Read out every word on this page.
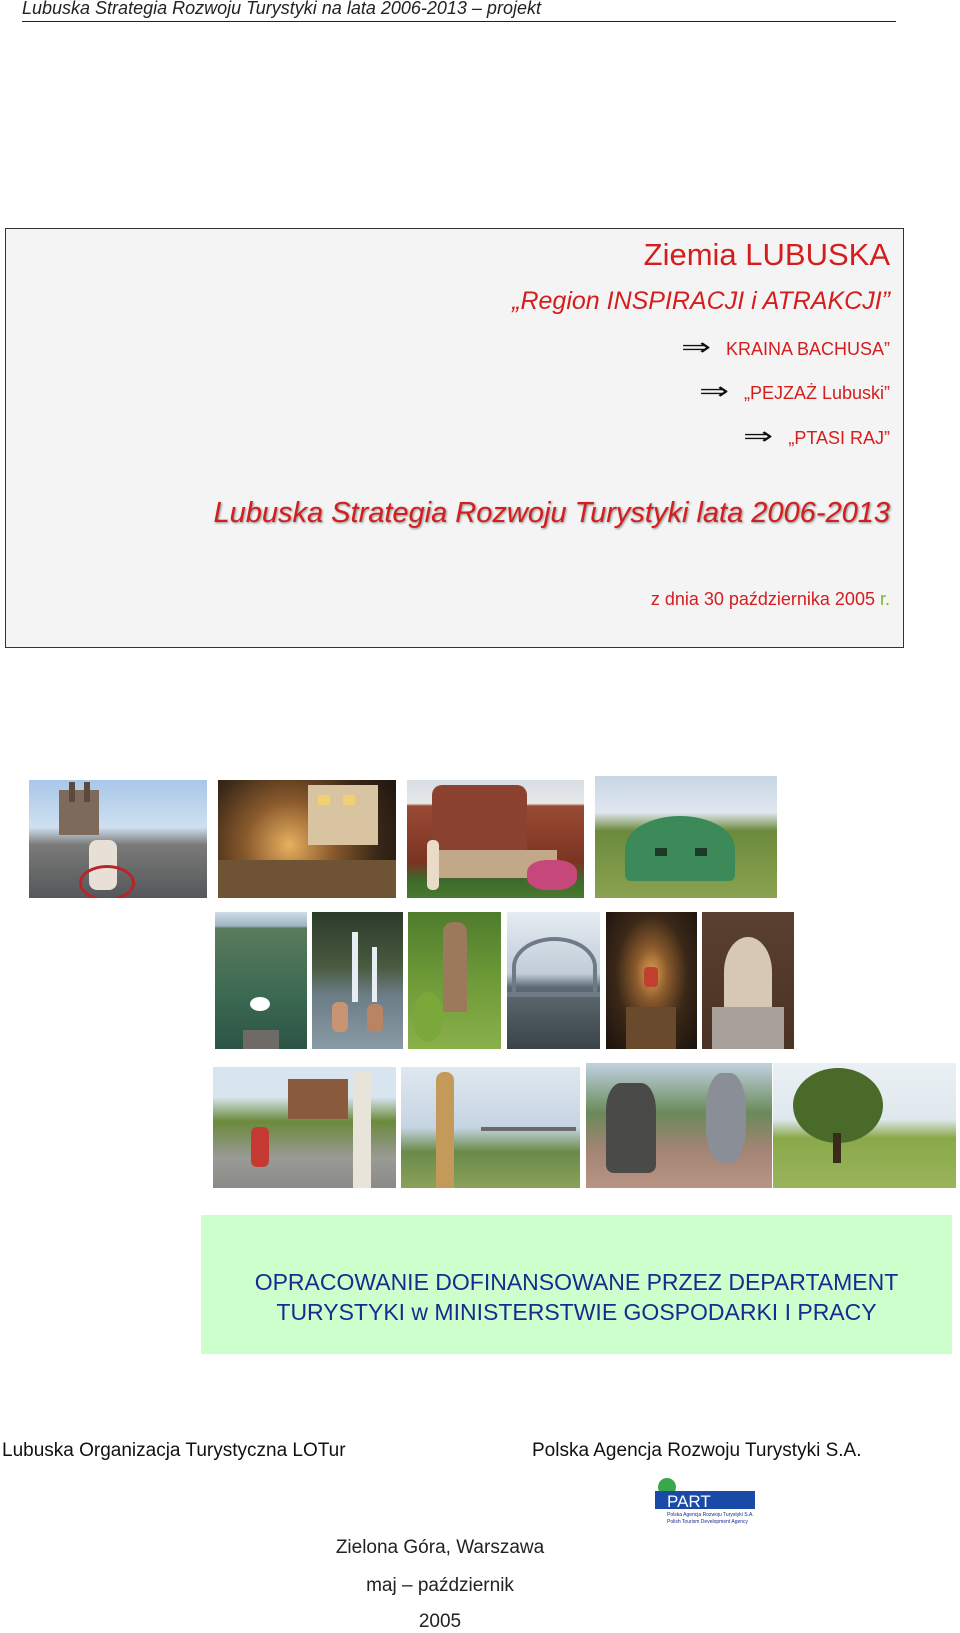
Lubuska Strategia Rozwoju Turystyki na lata 2006-2013 – projekt
Ziemia LUBUSKA
„Region INSPIRACJI i ATRAKCJI”
⇒ KRAINA BACHUSA”
⇒ „PEJZAŻ Lubuski”
⇒ „PTASI RAJ”
Lubuska Strategia Rozwoju Turystyki lata 2006-2013
z dnia 30 października 2005 r.
OPRACOWANIE DOFINANSOWANE PRZEZ DEPARTAMENT
TURYSTYKI w MINISTERSTWIE GOSPODARKI I PRACY
Lubuska Organizacja Turystyczna LOTur	Polska Agencja Rozwoju Turystyki S.A.
PART
Polska Agencja Rozwoju Turystyki S.A.
Polish Tourism Development Agency
Zielona Góra, Warszawa
maj – październik
2005
